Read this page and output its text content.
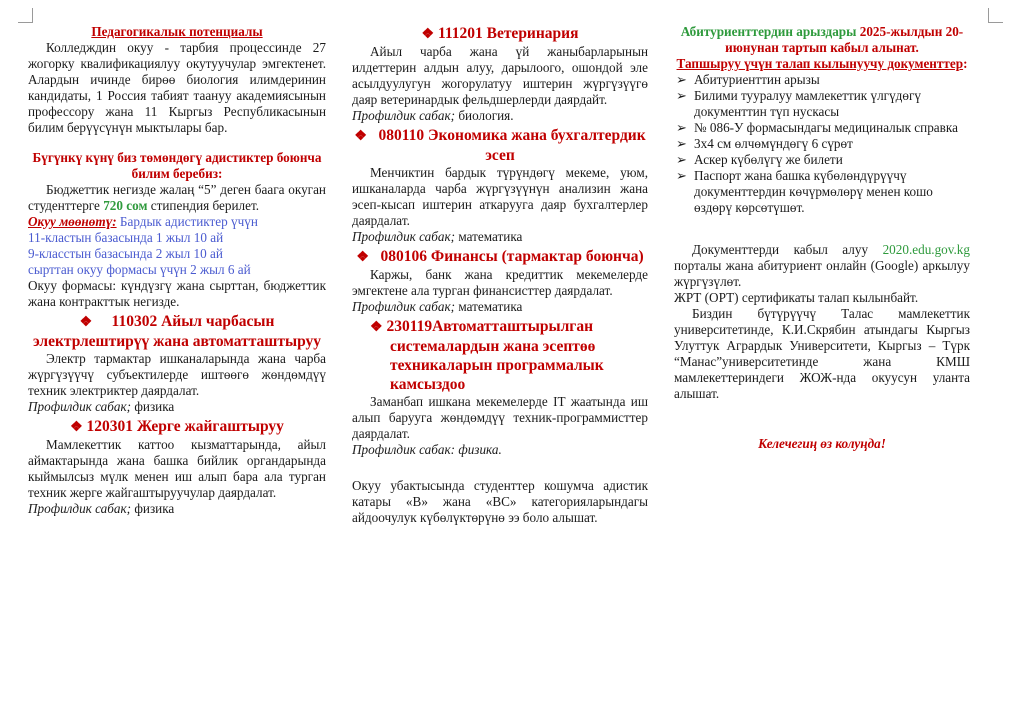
Педагогикалык потенциалы

Колледждин окуу - тарбия процессинде 27 жогорку квалификациялуу окутуучулар эмгектенет. Алардын ичинде бирөө биология илимдеринин кандидаты, 1 Россия табият таануу академиясынын профессору жана 11 Кыргыз Республикасынын билим берүүсүнүн мыктылары бар.

Бүгүнкү күнү биз төмөндөгү адистиктер боюнча билим беребиз:

Бюджеттик негизде жалаң “5” деген баага окуган студенттерге 720 сом стипендия берилет.

Окуу мөөнөтү: Бардык адистиктер үчүн

11-кластын базасында 1 жыл 10 ай

9-класстын базасында 2 жыл 10 ай

сырттан окуу формасы үчүн 2 жыл 6 ай

Окуу формасы: күндүзгү жана сырттан, бюджеттик жана контракттык негизде.

❖ 110302 Айыл чарбасын электрлештирүү жана автоматташтыруу

Электр тармактар ишканаларында жана чарба жүргүзүүчү субъектилерде иштөөгө жөндөмдүү техник электриктер даярдалат.

Профилдик сабак; физика

❖ 120301 Жерге жайгаштыруу

Мамлекеттик каттоо кызматтарында, айыл аймактарында жана башка бийлик органдарында кыймылсыз мүлк менен иш алып бара ала турган техник жерге жайгаштыруучулар даярдалат.

Профилдик сабак; физика

❖ 111201 Ветеринария

Айыл чарба жана үй жаныбарларынын илдеттерин алдын алуу, дарылоого, ошондой эле асылдуулугун жогорулатуу иштерин жүргүзүүгө даяр ветеринардык фельдшерлерди даярдайт.

Профилдик сабак; биология.

❖ 080110 Экономика жана бухгалтердик эсеп

Менчиктин бардык түрүндөгү мекеме, уюм, ишканаларда чарба жүргүзүүнүн анализин жана эсеп-кысап иштерин аткарууга даяр бухгалтерлер даярдалат.

Профилдик сабак; математика

❖ 080106 Финансы (тармактар боюнча)

Каржы, банк жана кредиттик мекемелерде эмгектене ала турган финансисттер даярдалат.

Профилдик сабак; математика

❖ 230119Автоматташтырылган системалардын жана эсептөө техникаларын программалык камсыздоо

Заманбап ишкана мекемелерде IT жаатында иш алып барууга жөндөмдүү техник-программисттер даярдалат.

Профилдик сабак: физика.

Окуу убактысында студенттер кошумча адистик катары «В» жана «ВС» категорияларындагы айдоочулук күбөлүктөрүнө ээ боло алышат.

Абитуриенттердин арыздары 2025-жылдын 20-июнунан тартып кабыл алынат.

Тапшыруу үчүн талап кылынуучу документтер:

➢ Абитуриенттин арызы
➢ Билими тууралуу мамлекеттик үлгүдөгү документтин түп нускасы
➢ № 086-У формасындагы медициналык справка
➢ 3х4 см өлчөмүндөгү 6 сүрөт
➢ Аскер күбөлүгү же билети
➢ Паспорт жана башка күбөлөндүрүүчү документтердин көчүрмөлөрү менен кошо өздөрү көрсөтүшөт.

Документтерди кабыл алуу 2020.edu.gov.kg порталы жана абитуриент онлайн (Google) аркылуу жүргүзүлөт.

ЖРТ (ОРТ) сертификаты талап кылынбайт.

Биздин бүтүрүүчү Талас мамлекеттик университетинде, К.И.Скрябин атындагы Кыргыз Улуттук Агрардык Университети, Кыргыз – Түрк “Манас”университетинде жана КМШ мамлекеттериндеги ЖОЖ-нда окуусун уланта алышат.

Келечегиң өз колуңда!
